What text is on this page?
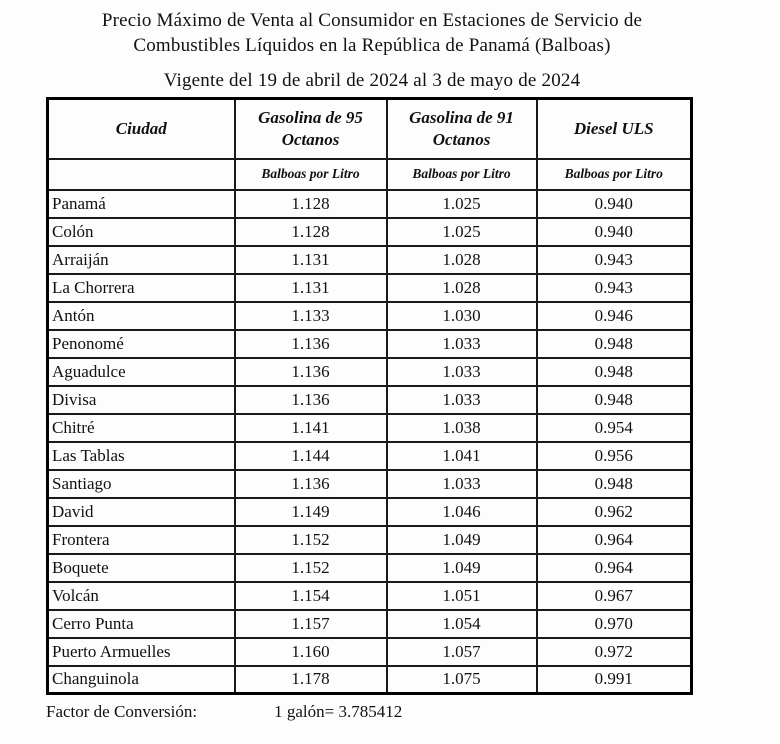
Precio Máximo de Venta al Consumidor en Estaciones de Servicio de
Combustibles Líquidos en la República de Panamá (Balboas)
Vigente del 19 de abril de 2024 al 3 de mayo de 2024
Ciudad	Gasolina de 95 Octanos	Gasolina de 91 Octanos	Diesel ULS
	Balboas por Litro	Balboas por Litro	Balboas por Litro
Panamá	1.128	1.025	0.940
Colón	1.128	1.025	0.940
Arraiján	1.131	1.028	0.943
La Chorrera	1.131	1.028	0.943
Antón	1.133	1.030	0.946
Penonomé	1.136	1.033	0.948
Aguadulce	1.136	1.033	0.948
Divisa	1.136	1.033	0.948
Chitré	1.141	1.038	0.954
Las Tablas	1.144	1.041	0.956
Santiago	1.136	1.033	0.948
David	1.149	1.046	0.962
Frontera	1.152	1.049	0.964
Boquete	1.152	1.049	0.964
Volcán	1.154	1.051	0.967
Cerro Punta	1.157	1.054	0.970
Puerto Armuelles	1.160	1.057	0.972
Changuinola	1.178	1.075	0.991
Factor de Conversión:	1 galón= 3.785412
